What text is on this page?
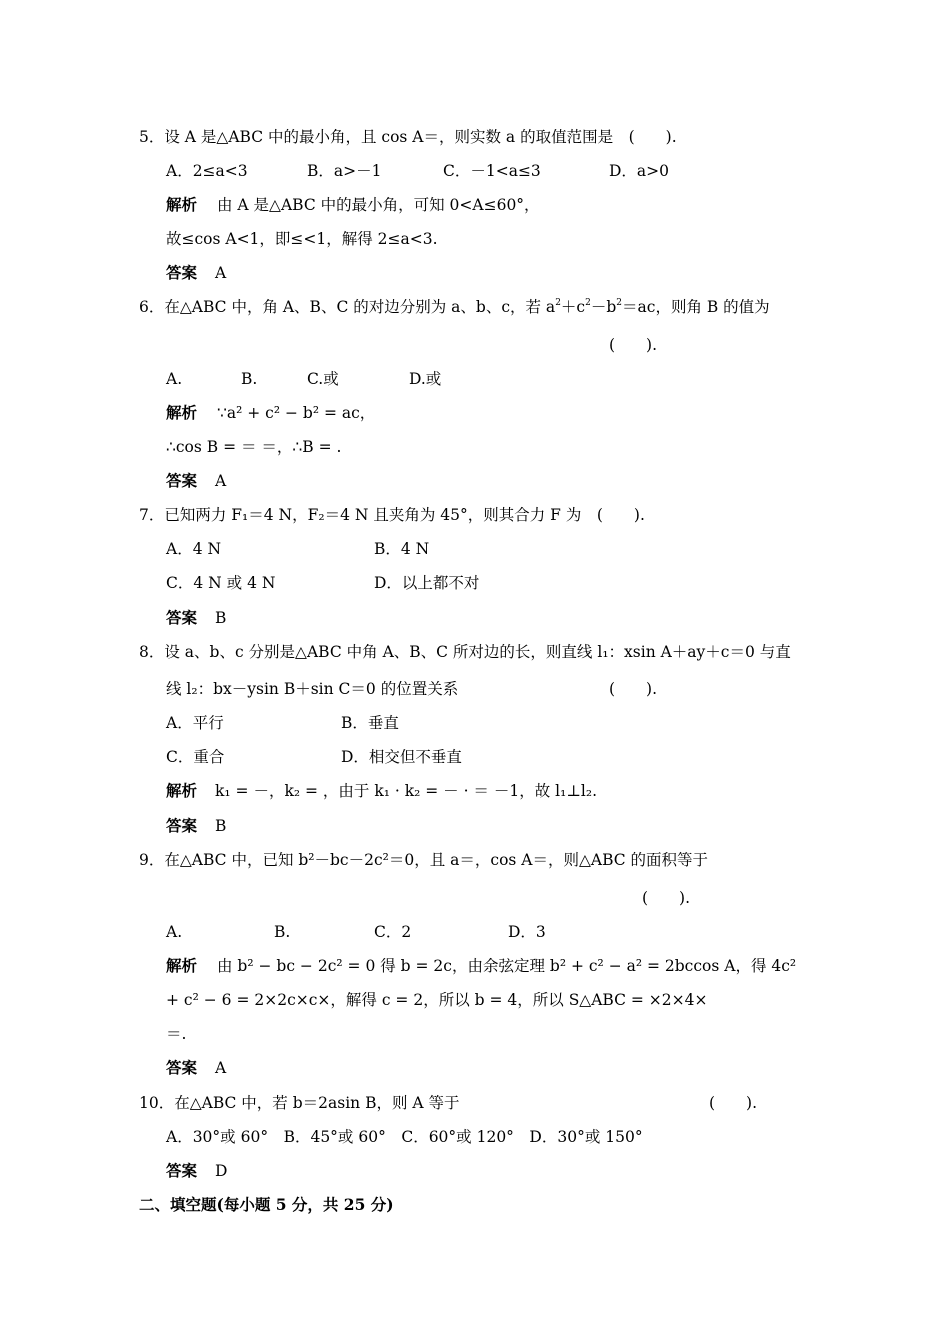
5．设 A 是△ABC 中的最小角，且 cos A＝，则实数 a 的取值范围是　(　　).
A．2≤a<3	B．a>－1	C．－1<a≤3	D．a>0
解析 由 A 是△ABC 中的最小角，可知 0<A≤60°，
故≤cos A<1，即≤<1，解得 2≤a<3.
答案 A
6．在△ABC 中，角 A、B、C 的对边分别为 a、b、c，若 $a^2+c^2-b^2=ac$，则角 B 的值为
(　　).
A.	B.	C.或	D.或
解析 ∵a² + c² − b² = ac，
∴cos B = ＝ ＝，∴B = .
答案 A
7．已知两力 F₁＝4 N，F₂＝4 N 且夹角为 45°，则其合力 F 为　(　　).
A．4 N	B．4 N
C．4 N 或 4 N	D．以上都不对
答案 B
8．设 a、b、c 分别是△ABC 中角 A、B、C 所对边的长，则直线 l₁：xsin A＋ay＋c＝0 与直
线 l₂：bx－ysin B＋sin C＝0 的位置关系	(　　).
A．平行	B．垂直
C．重合	D．相交但不垂直
解析 k₁ = －，k₂ = ，由于 k₁ · k₂ = － · ＝ －1，故 l₁⊥l₂.
答案 B
9．在△ABC 中，已知 b²－bc－2c²＝0，且 a＝，cos A＝，则△ABC 的面积等于
(　　).
A.	B.	C．2	D．3
解析 由 b² − bc − 2c² = 0 得 b = 2c，由余弦定理 b² + c² − a² = 2bccos A，得 4c²
+ c² − 6 = 2×2c×c×，解得 c = 2，所以 b = 4，所以 S△ABC = ×2×4×
＝.
答案 A
10．在△ABC 中，若 b＝2asin B，则 A 等于	(　　).
A．30°或 60°　B．45°或 60°　C．60°或 120°　D．30°或 150°
答案 D
二、填空题(每小题 5 分，共 25 分)
